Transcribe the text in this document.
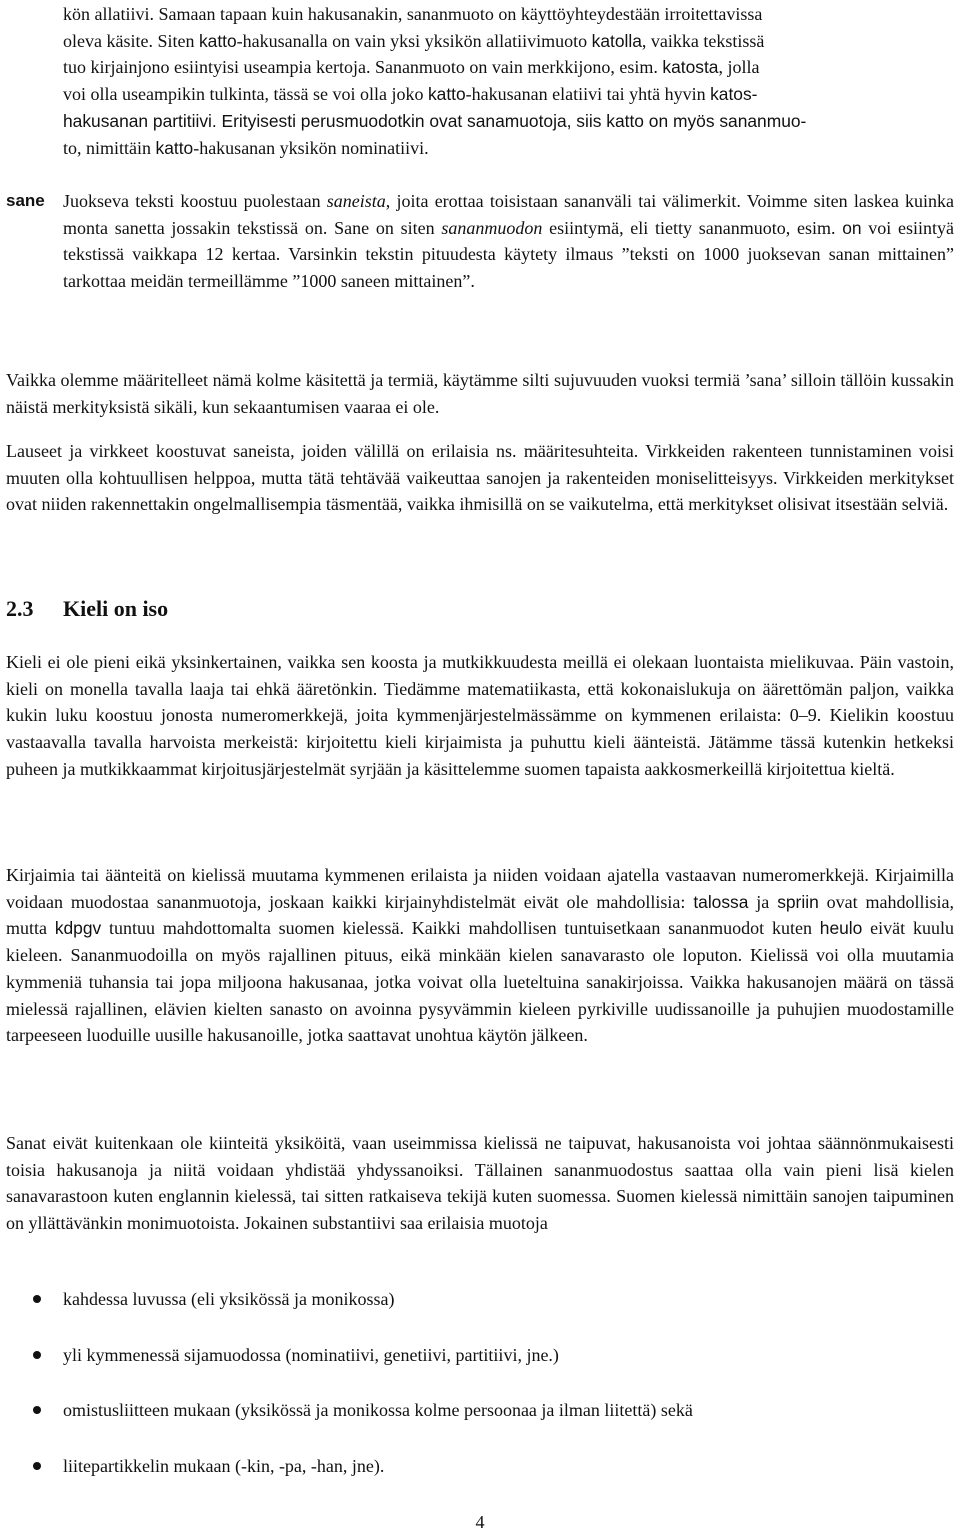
kön allatiivi. Samaan tapaan kuin hakusanakin, sananmuoto on käyttöyhteydestään irroitettavissa
oleva käsite. Siten katto-hakusanalla on vain yksi yksikön allatiivimuoto katolla, vaikka tekstissä
tuo kirjainjono esiintyisi useampia kertoja. Sananmuoto on vain merkkijono, esim. katosta, jolla
voi olla useampikin tulkinta, tässä se voi olla joko katto-hakusanan elatiivi tai yhtä hyvin katos-
hakusanan partitiivi. Erityisesti perusmuodotkin ovat sanamuotoja, siis katto on myös sananmuo-
to, nimittäin katto-hakusanan yksikön nominatiivi.

sane	Juokseva teksti koostuu puolestaan saneista, joita erottaa toisistaan sananväli tai välimerkit. Voimme siten laskea kuinka monta sanetta jossakin tekstissä on. Sane on siten sananmuodon esiintymä, eli tietty sananmuoto, esim. on voi esiintyä tekstissä vaikkapa 12 kertaa. Varsinkin tekstin pituudesta käytety ilmaus ”teksti on 1000 juoksevan sanan mittainen” tarkottaa meidän termeillämme ”1000 saneen mittainen”.

Vaikka olemme määritelleet nämä kolme käsitettä ja termiä, käytämme silti sujuvuuden vuoksi termiä ’sana’ silloin tällöin kussakin näistä merkityksistä sikäli, kun sekaantumisen vaaraa ei ole.

Lauseet ja virkkeet koostuvat saneista, joiden välillä on erilaisia ns. määritesuhteita. Virkkeiden rakenteen tunnistaminen voisi muuten olla kohtuullisen helppoa, mutta tätä tehtävää vaikeuttaa sanojen ja rakenteiden moniselitteisyys. Virkkeiden merkitykset ovat niiden rakennettakin ongelmallisempia täsmentää, vaikka ihmisillä on se vaikutelma, että merkitykset olisivat itsestään selviä.

2.3 Kieli on iso

Kieli ei ole pieni eikä yksinkertainen, vaikka sen koosta ja mutkikkuudesta meillä ei olekaan luontaista mielikuvaa. Päin vastoin, kieli on monella tavalla laaja tai ehkä ääretönkin. Tiedämme matematiikasta, että kokonaislukuja on äärettömän paljon, vaikka kukin luku koostuu jonosta numeromerkkejä, joita kymmenjärjestelmässämme on kymmenen erilaista: 0–9. Kielikin koostuu vastaavalla tavalla harvoista merkeistä: kirjoitettu kieli kirjaimista ja puhuttu kieli äänteistä. Jätämme tässä kutenkin hetkeksi puheen ja mutkikkaammat kirjoitusjärjestelmät syrjään ja käsittelemme suomen tapaista aakkosmerkeillä kirjoitettua kieltä.

Kirjaimia tai äänteitä on kielissä muutama kymmenen erilaista ja niiden voidaan ajatella vastaavan numeromerkkejä. Kirjaimilla voidaan muodostaa sananmuotoja, joskaan kaikki kirjainyhdistelmät eivät ole mahdollisia: talossa ja spriin ovat mahdollisia, mutta kdpgv tuntuu mahdottomalta suomen kielessä. Kaikki mahdollisen tuntuisetkaan sananmuodot kuten heulo eivät kuulu kieleen. Sananmuodoilla on myös rajallinen pituus, eikä minkään kielen sanavarasto ole loputon. Kielissä voi olla muutamia kymmeniä tuhansia tai jopa miljoona hakusanaa, jotka voivat olla lueteltuina sanakirjoissa. Vaikka hakusanojen määrä on tässä mielessä rajallinen, elävien kielten sanasto on avoinna pysyvämmin kieleen pyrkiville uudissanoille ja puhujien muodostamille tarpeeseen luoduille uusille hakusanoille, jotka saattavat unohtua käytön jälkeen.

Sanat eivät kuitenkaan ole kiinteitä yksiköitä, vaan useimmissa kielissä ne taipuvat, hakusanoista voi johtaa säännönmukaisesti toisia hakusanoja ja niitä voidaan yhdistää yhdyssanoiksi. Tällainen sananmuodostus saattaa olla vain pieni lisä kielen sanavarastoon kuten englannin kielessä, tai sitten ratkaiseva tekijä kuten suomessa. Suomen kielessä nimittäin sanojen taipuminen on yllättävänkin monimuotoista. Jokainen substantiivi saa erilaisia muotoja

kahdessa luvussa (eli yksikössä ja monikossa)
yli kymmenessä sijamuodossa (nominatiivi, genetiivi, partitiivi, jne.)
omistusliitteen mukaan (yksikössä ja monikossa kolme persoonaa ja ilman liitettä) sekä
liitepartikkelin mukaan (-kin, -pa, -han, jne).
4
